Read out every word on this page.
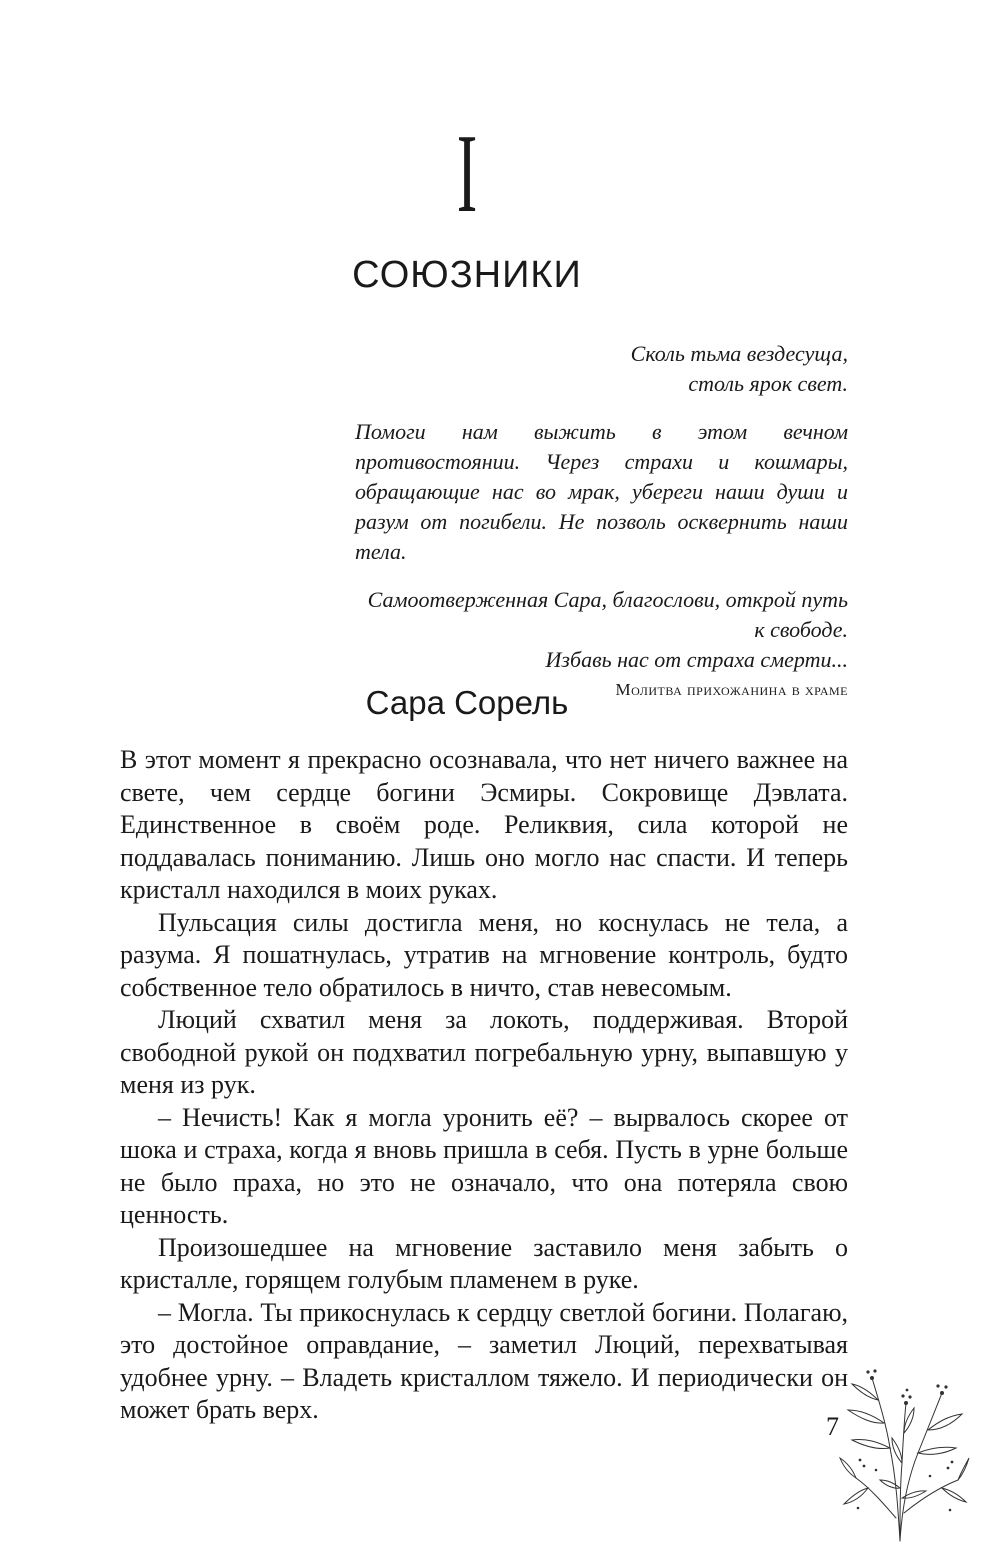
I
СОЮЗНИКИ

Сколь тьма вездесуща,

столь ярок свет.

Помоги нам выжить в этом вечном противостоянии. Через страхи и кошмары, обращающие нас во мрак, убереги наши души и разум от погибели. Не позволь осквернить наши тела.

Самоотверженная Сара, благослови, открой путь

к свободе.

Избавь нас от страха смерти...

Молитва прихожанина в храме

Сара Сорель

В этот момент я прекрасно осознавала, что нет ничего важнее на свете, чем сердце богини Эсмиры. Сокровище Дэвлата. Единственное в своём роде. Реликвия, сила которой не поддавалась пониманию. Лишь оно могло нас спасти. И теперь кристалл находился в моих руках.

Пульсация силы достигла меня, но коснулась не тела, а разума. Я пошатнулась, утратив на мгновение контроль, будто собственное тело обратилось в ничто, став невесомым.

Люций схватил меня за локоть, поддерживая. Второй свободной рукой он подхватил погребальную урну, выпавшую у меня из рук.

– Нечисть! Как я могла уронить её? – вырвалось скорее от шока и страха, когда я вновь пришла в себя. Пусть в урне больше не было праха, но это не означало, что она потеряла свою ценность.

Произошедшее на мгновение заставило меня забыть о кристалле, горящем голубым пламенем в руке.

– Могла. Ты прикоснулась к сердцу светлой богини. Полагаю, это достойное оправдание, – заметил Люций, перехватывая удобнее урну. – Владеть кристаллом тяжело. И периодически он может брать верх.

7
